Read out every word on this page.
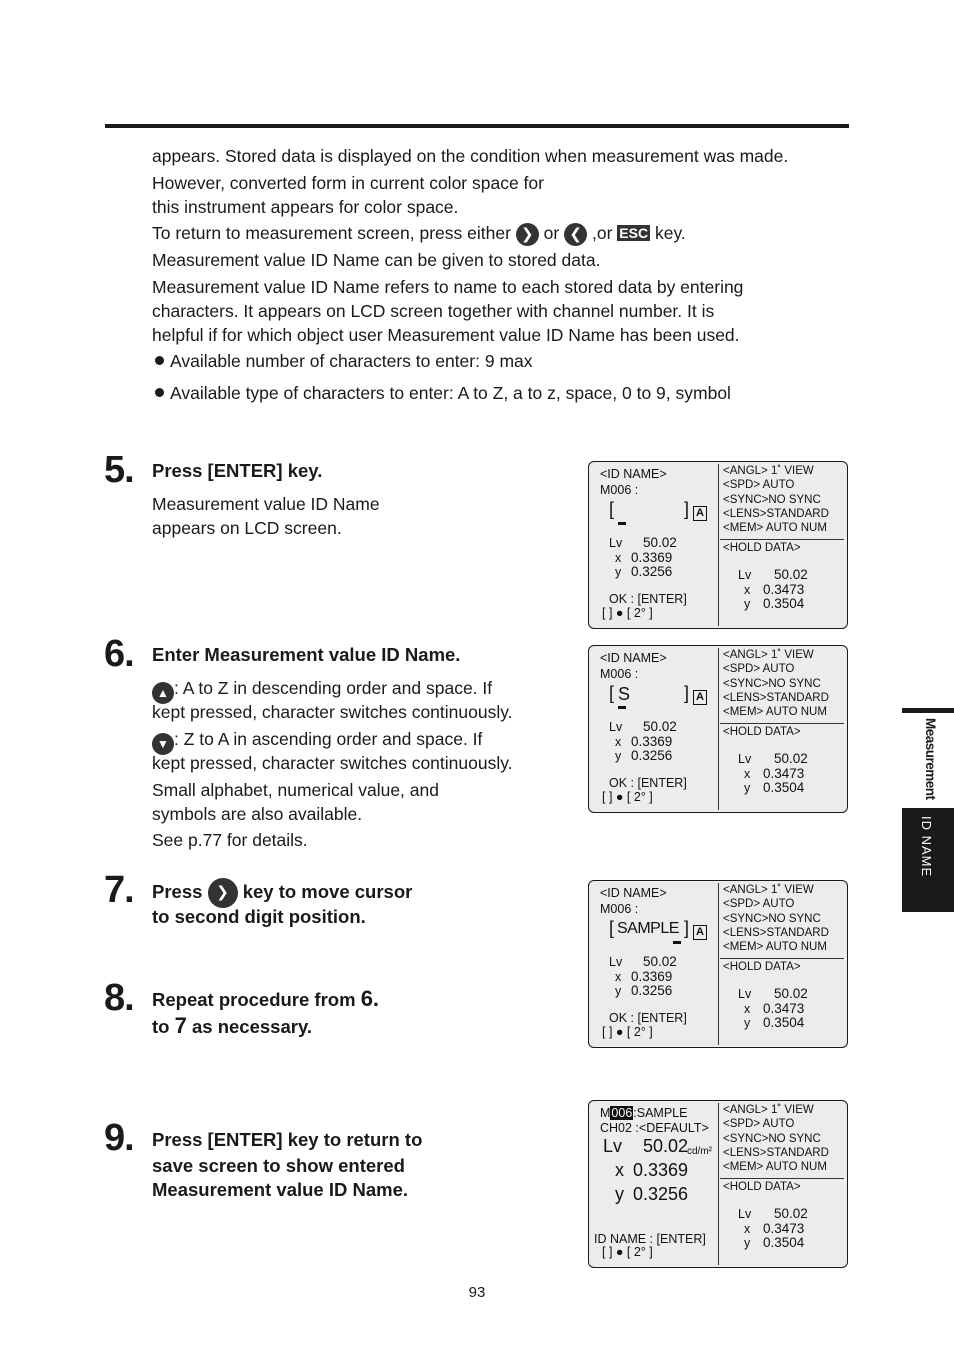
appears. Stored data is displayed on the condition when measurement was made.
However, converted form in current color space for
this instrument appears for color space.
To return to measurement screen, press either ❯ or ❮ ,or ESC key.
Measurement value ID Name can be given to stored data.
Measurement value ID Name refers to name to each stored data by entering
characters. It appears on LCD screen together with channel number. It is
helpful if for which object user Measurement value ID Name has been used.
Available number of characters to enter: 9 max
Available type of characters to enter: A to Z, a to z, space, 0 to 9, symbol
5. Press [ENTER] key.
Measurement value ID Name
appears on LCD screen.
6. Enter Measurement value ID Name.
▲ : A to Z in descending order and space. If
kept pressed, character switches continuously.
▼ : Z to A in ascending order and space. If
kept pressed, character switches continuously.
Small alphabet, numerical value, and
symbols are also available.
See p.77 for details.
7. Press ❯ key to move cursor
to second digit position.
8. Repeat procedure from 6.
to 7 as necessary.
9. Press [ENTER] key to return to
save screen to show entered
Measurement value ID Name.
<ID NAME>
M006 :
[	] A
Lv 50.02
x 0.3369
y 0.3256
OK : [ENTER]
[ ] ● [ 2° ]
<ANGL> 1˚ VIEW
<SPD> AUTO
<SYNC>NO SYNC
<LENS>STANDARD
<MEM> AUTO NUM
<HOLD DATA>
Lv 50.02
x 0.3473
y 0.3504
<ID NAME>
M006 :
[ S	] A
Lv 50.02
x 0.3369
y 0.3256
OK : [ENTER]
[ ] ● [ 2° ]
<ANGL> 1˚ VIEW
<SPD> AUTO
<SYNC>NO SYNC
<LENS>STANDARD
<MEM> AUTO NUM
<HOLD DATA>
Lv 50.02
x 0.3473
y 0.3504
<ID NAME>
M006 :
[ SAMPLE ] A
Lv 50.02
x 0.3369
y 0.3256
OK : [ENTER]
[ ] ● [ 2° ]
<ANGL> 1˚ VIEW
<SPD> AUTO
<SYNC>NO SYNC
<LENS>STANDARD
<MEM> AUTO NUM
<HOLD DATA>
Lv 50.02
x 0.3473
y 0.3504
M006:SAMPLE
CH02 :<DEFAULT>
Lv 50.02
cd/m²
x 0.3369
y 0.3256
ID NAME : [ENTER]
[ ] ● [ 2° ]
<ANGL> 1˚ VIEW
<SPD> AUTO
<SYNC>NO SYNC
<LENS>STANDARD
<MEM> AUTO NUM
<HOLD DATA>
Lv 50.02
x 0.3473
y 0.3504
Measurement
ID NAME
93
